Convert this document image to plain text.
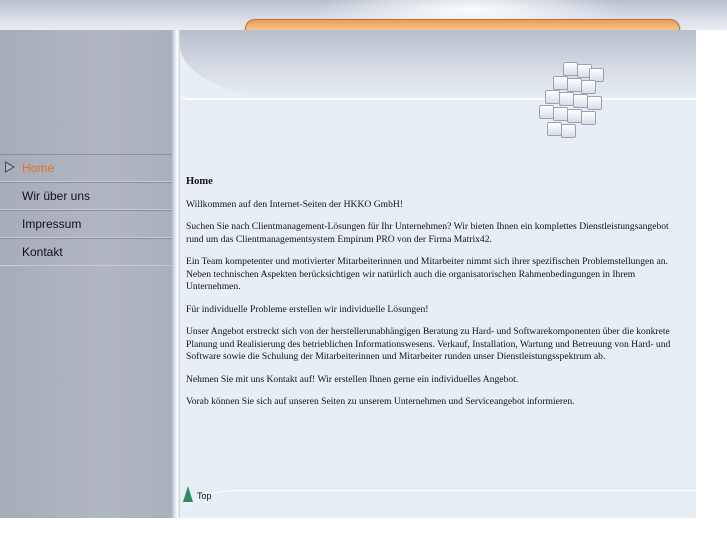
Home
Wir über uns
Impressum
Kontakt
Home

Willkommen auf den Internet-Seiten der HKKO GmbH!

Suchen Sie nach Clientmanagement-Lösungen für Ihr Unternehmen? Wir bieten Ihnen ein komplettes Dienstleistungsangebot rund um das Clientmanagementsystem Empirum PRO von der Firma Matrix42.

Ein Team kompetenter und motivierter Mitarbeiterinnen und Mitarbeiter nimmt sich ihrer spezifischen Problemstellungen an. Neben technischen Aspekten berücksichtigen wir natürlich auch die organisatorischen Rahmenbedingungen in Ihrem Unternehmen.

Für individuelle Probleme erstellen wir individuelle Lösungen!

Unser Angebot erstreckt sich von der herstellerunabhängigen Beratung zu Hard- und Softwarekomponenten über die konkrete Planung und Realisierung des betrieblichen Informationswesens. Verkauf, Installation, Wartung und Betreuung von Hard- und Software sowie die Schulung der Mitarbeiterinnen und Mitarbeiter runden unser Dienstleistungsspektrum ab.

Nehmen Sie mit uns Kontakt auf! Wir erstellen Ihnen gerne ein individuelles Angebot.

Vorab können Sie sich auf unseren Seiten zu unserem Unternehmen und Serviceangebot informieren.

Top
